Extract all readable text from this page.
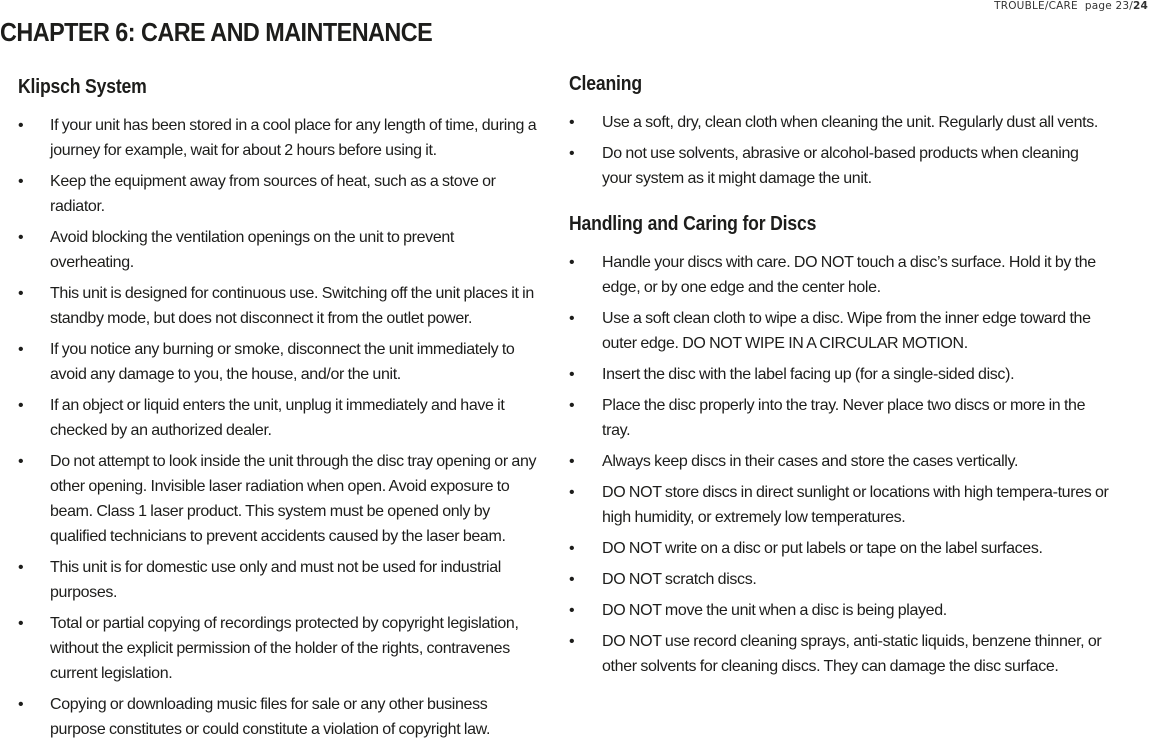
TROUBLE/CARE page 23/24
CHAPTER 6: CARE AND MAINTENANCE
Klipsch System
• If your unit has been stored in a cool place for any length of time, during a journey for example, wait for about 2 hours before using it.
• Keep the equipment away from sources of heat, such as a stove or radiator.
• Avoid blocking the ventilation openings on the unit to prevent overheating.
• This unit is designed for continuous use. Switching off the unit places it in standby mode, but does not disconnect it from the outlet power.
• If you notice any burning or smoke, disconnect the unit immediately to avoid any damage to you, the house, and/or the unit.
• If an object or liquid enters the unit, unplug it immediately and have it checked by an authorized dealer.
• Do not attempt to look inside the unit through the disc tray opening or any other opening. Invisible laser radiation when open. Avoid exposure to beam. Class 1 laser product. This system must be opened only by qualified technicians to prevent accidents caused by the laser beam.
• This unit is for domestic use only and must not be used for industrial purposes.
• Total or partial copying of recordings protected by copyright legislation, without the explicit permission of the holder of the rights, contravenes current legislation.
• Copying or downloading music files for sale or any other business purpose constitutes or could constitute a violation of copyright law.
Cleaning
• Use a soft, dry, clean cloth when cleaning the unit. Regularly dust all vents.
• Do not use solvents, abrasive or alcohol-based products when cleaning your system as it might damage the unit.
Handling and Caring for Discs
• Handle your discs with care. DO NOT touch a disc’s surface. Hold it by the edge, or by one edge and the center hole.
• Use a soft clean cloth to wipe a disc. Wipe from the inner edge toward the outer edge. DO NOT WIPE IN A CIRCULAR MOTION.
• Insert the disc with the label facing up (for a single-sided disc).
• Place the disc properly into the tray. Never place two discs or more in the tray.
• Always keep discs in their cases and store the cases vertically.
• DO NOT store discs in direct sunlight or locations with high tempera-tures or high humidity, or extremely low temperatures.
• DO NOT write on a disc or put labels or tape on the label surfaces.
• DO NOT scratch discs.
• DO NOT move the unit when a disc is being played.
• DO NOT use record cleaning sprays, anti-static liquids, benzene thinner, or other solvents for cleaning discs. They can damage the disc surface.
